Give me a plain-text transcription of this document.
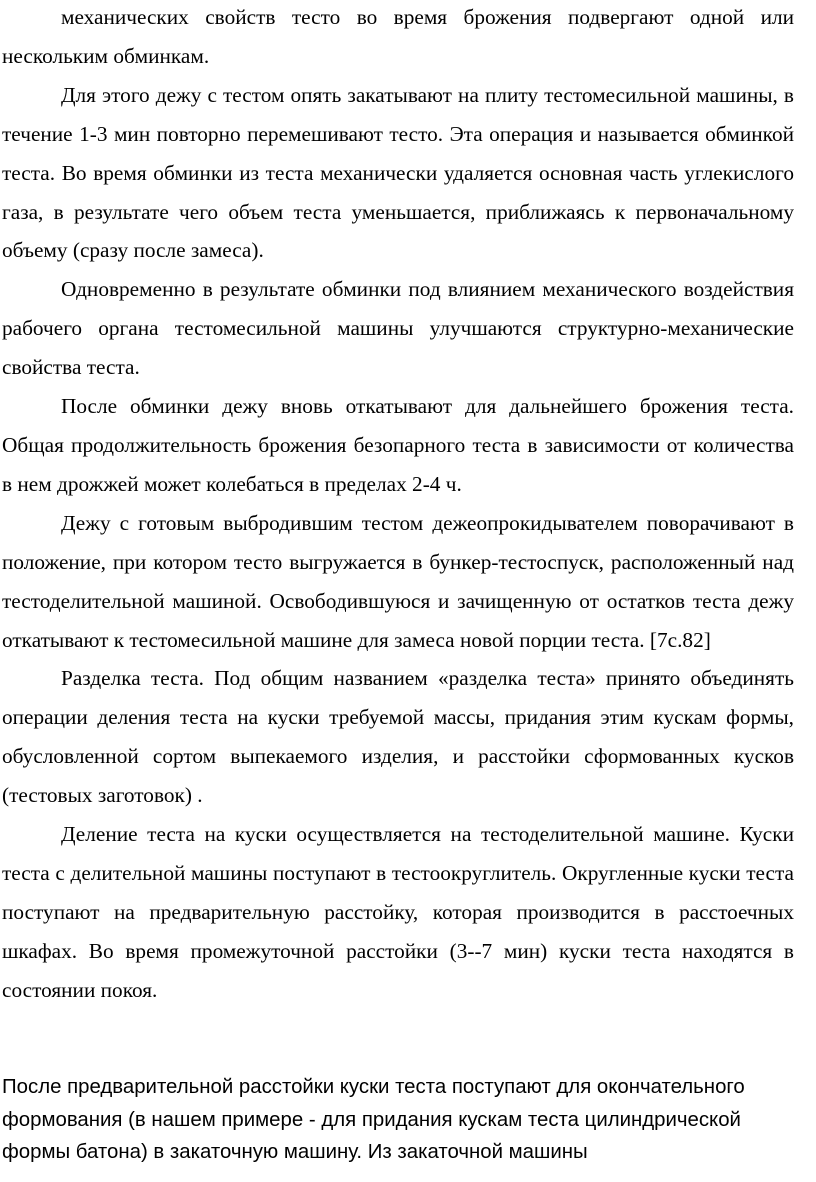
механических свойств тесто во время брожения подвергают одной или нескольким обминкам.

Для этого дежу с тестом опять закатывают на плиту тестомесильной машины, в течение 1-3 мин повторно перемешивают тесто. Эта операция и называется обминкой теста. Во время обминки из теста механически удаляется основная часть углекислого газа, в результате чего объем теста уменьшается, приближаясь к первоначальному объему (сразу после замеса).

Одновременно в результате обминки под влиянием механического воздействия рабочего органа тестомесильной машины улучшаются структурно-механические свойства теста.

После обминки дежу вновь откатывают для дальнейшего брожения теста. Общая продолжительность брожения безопарного теста в зависимости от количества в нем дрожжей может колебаться в пределах 2-4 ч.

Дежу с готовым выбродившим тестом дежеопрокидывателем поворачивают в положение, при котором тесто выгружается в бункер-тестоспуск, расположенный над тестоделительной машиной. Освободившуюся и зачищенную от остатков теста дежу откатывают к тестомесильной машине для замеса новой порции теста. [7с.82]

Разделка теста. Под общим названием «разделка теста» принято объединять операции деления теста на куски требуемой массы, придания этим кускам формы, обусловленной сортом выпекаемого изделия, и расстойки сформованных кусков (тестовых заготовок) .

Деление теста на куски осуществляется на тестоделительной машине. Куски теста с делительной машины поступают в тестоокруглитель. Округленные куски теста поступают на предварительную расстойку, которая производится в расстоечных шкафах. Во время промежуточной расстойки (3--7 мин) куски теста находятся в состоянии покоя.

После предварительной расстойки куски теста поступают для окончательного формования (в нашем примере - для придания кускам теста цилиндрической формы батона) в закаточную машину. Из закаточной машины
